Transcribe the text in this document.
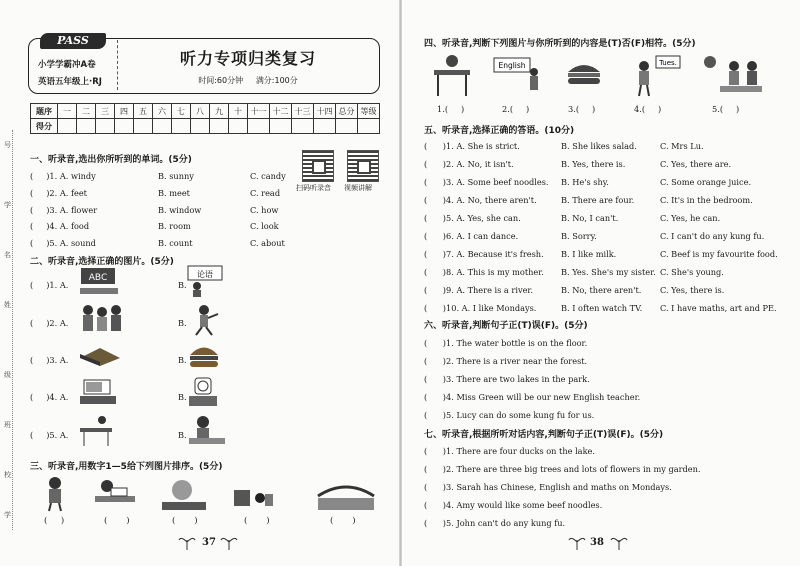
PASS
小学学霸冲A卷
英语五年级上·RJ
听力专项归类复习
时间:60分钟 满分:100分
题序	一	二	三	四	五	六	七	八	九	十	十一	十二	十三	十四	总分	等级
得分																
号
学
名
姓
级
班
校
学
扫码听录音 视频讲解
一、听录音,选出你所听到的单词。(5分)
(     )1. A. windy	B. sunny	C. candy
(     )2. A. feet	B. meet	C. read
(     )3. A. flower	B. window	C. how
(     )4. A. food	B. room	C. look
(     )5. A. sound	B. count	C. about
二、听录音,选择正确的图片。(5分)
(     )1. A.
ABC
B.
论语
(     )2. A.	B.
(     )3. A.	B.
(     )4. A.	B.
(     )5. A.	B.
三、听录音,用数字1—5给下列图片排序。(5分)
(     )	(       )	(       )	(       )	(       )
37
四、听录音,判断下列图片与你所听到的内容是(T)否(F)相符。(5分)
English	Tues.
1.(     )	2.(     )	3.(     )	4.(     )	5.(     )
五、听录音,选择正确的答语。(10分)
(      )1. A. She is strict.	B. She likes salad.	C. Mrs Lu.
(      )2. A. No, it isn't.	B. Yes, there is.	C. Yes, there are.
(      )3. A. Some beef noodles. B. He's shy.	C. Some orange juice.
(      )4. A. No, there aren't.	B. There are four.	C. It's in the bedroom.
(      )5. A. Yes, she can.	B. No, I can't.	C. Yes, he can.
(      )6. A. I can dance.	B. Sorry.	C. I can't do any kung fu.
(      )7. A. Because it's fresh. B. I like milk.	C. Beef is my favourite food.
(      )8. A. This is my mother. B. Yes. She's my sister. C. She's young.
(      )9. A. There is a river.	B. No, there aren't. C. Yes, there is.
(      )10. A. I like Mondays.	B. I often watch TV. C. I have maths, art and PE.
六、听录音,判断句子正(T)误(F)。(5分)
(      )1. The water bottle is on the floor.
(      )2. There is a river near the forest.
(      )3. There are two lakes in the park.
(      )4. Miss Green will be our new English teacher.
(      )5. Lucy can do some kung fu for us.
七、听录音,根据所听对话内容,判断句子正(T)误(F)。(5分)
(      )1. There are four ducks on the lake.
(      )2. There are three big trees and lots of flowers in my garden.
(      )3. Sarah has Chinese, English and maths on Mondays.
(      )4. Amy would like some beef noodles.
(      )5. John can't do any kung fu.
38
